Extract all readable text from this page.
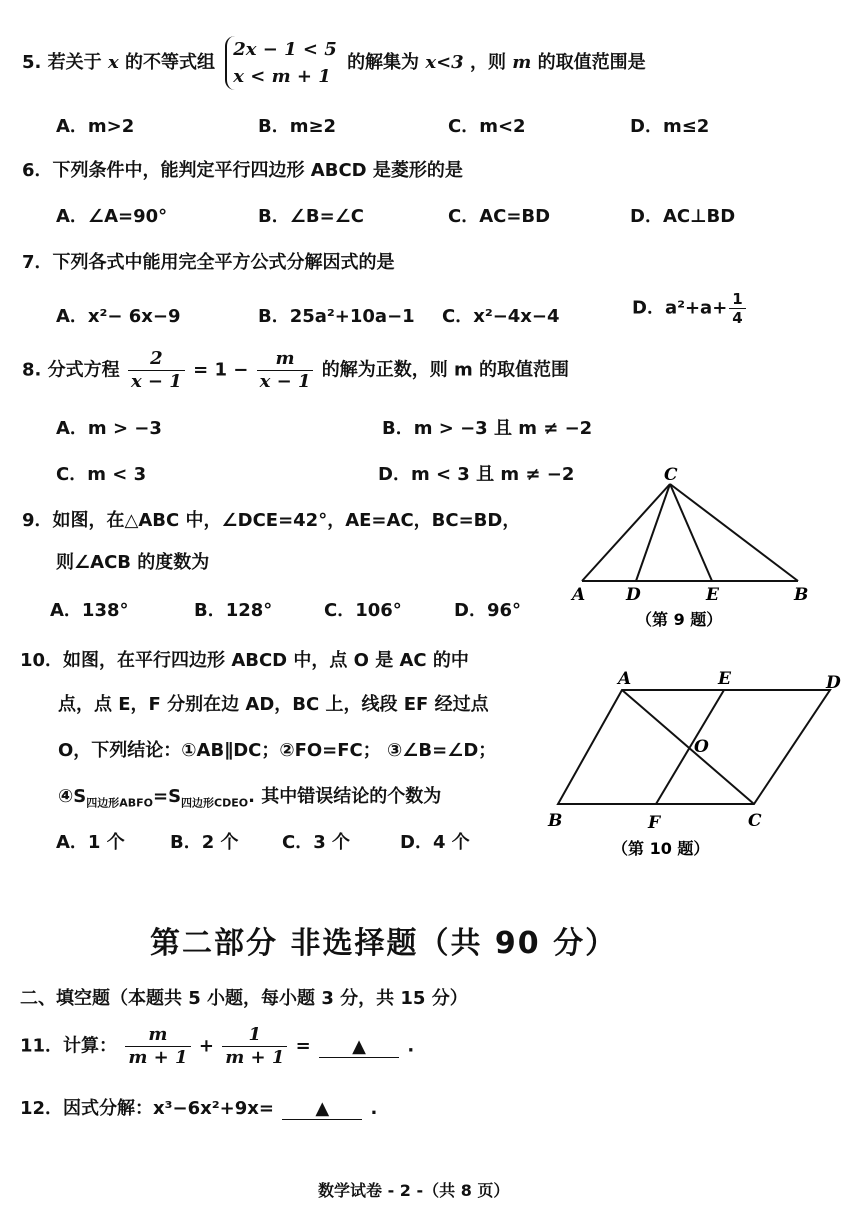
5. 若关于 x 的不等式组
2x − 1 < 5
x < m + 1
的解集为 x<3 ，则 m 的取值范围是
A．m>2	B．m≥2	C．m<2	D．m≤2
6．下列条件中，能判定平行四边形 ABCD 是菱形的是
A．∠A=90°	B．∠B=∠C	C．AC=BD	D．AC⊥BD
7．下列各式中能用完全平方公式分解因式的是
A．x²− 6x−9	B．25a²+10a−1 C．x²−4x−4	D．$a^2+a+ \frac{1}{4}$
8. 分式方程 $\frac{2}{x - 1} = 1 - \frac{m}{x - 1}$ 的解为正数，则 m 的取值范围
A．m > −3	B．m > −3 且 m ≠ −2
C．m < 3	D．m < 3 且 m ≠ −2
9．如图，在△ABC 中，∠DCE=42°，AE=AC，BC=BD，
则∠ACB 的度数为
A．138°	B．128°	C．106°	D．96°
C
A D	E	B
（第 9 题）
10．如图，在平行四边形 ABCD 中，点 O 是 AC 的中
点，点 E，F 分别在边 AD，BC 上，线段 EF 经过点
O，下列结论：①AB∥DC；②FO=FC； ③∠B=∠D；
$④S_{四边形ABFO}=S_{四边形CDEO}$. 其中错误结论的个数为
A．1 个	B．2 个 C．3 个	D．4 个
A	E	D
O
B	F	C
（第 10 题）
第二部分 非选择题（共 90 分）
二、填空题（本题共 5 小题，每小题 3 分，共 15 分）
11．计算： $\frac{m}{m + 1} + \frac{1}{m + 1}$ = ▲ .
12．因式分解：x³−6x²+9x= ▲ .
数学试卷 - 2 -（共 8 页）
